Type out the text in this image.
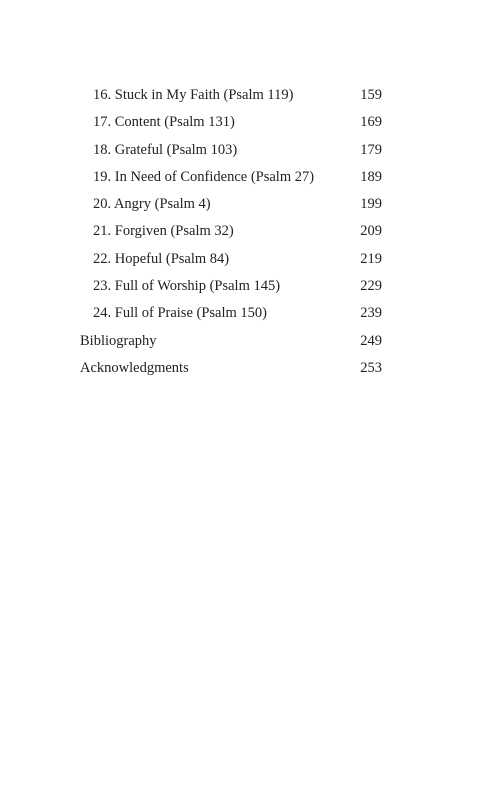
16. Stuck in My Faith (Psalm 119)	159
17. Content (Psalm 131)	169
18. Grateful (Psalm 103)	179
19. In Need of Confidence (Psalm 27)	189
20. Angry (Psalm 4)	199
21. Forgiven (Psalm 32)	209
22. Hopeful (Psalm 84)	219
23. Full of Worship (Psalm 145)	229
24. Full of Praise (Psalm 150)	239
Bibliography	249
Acknowledgments	253
